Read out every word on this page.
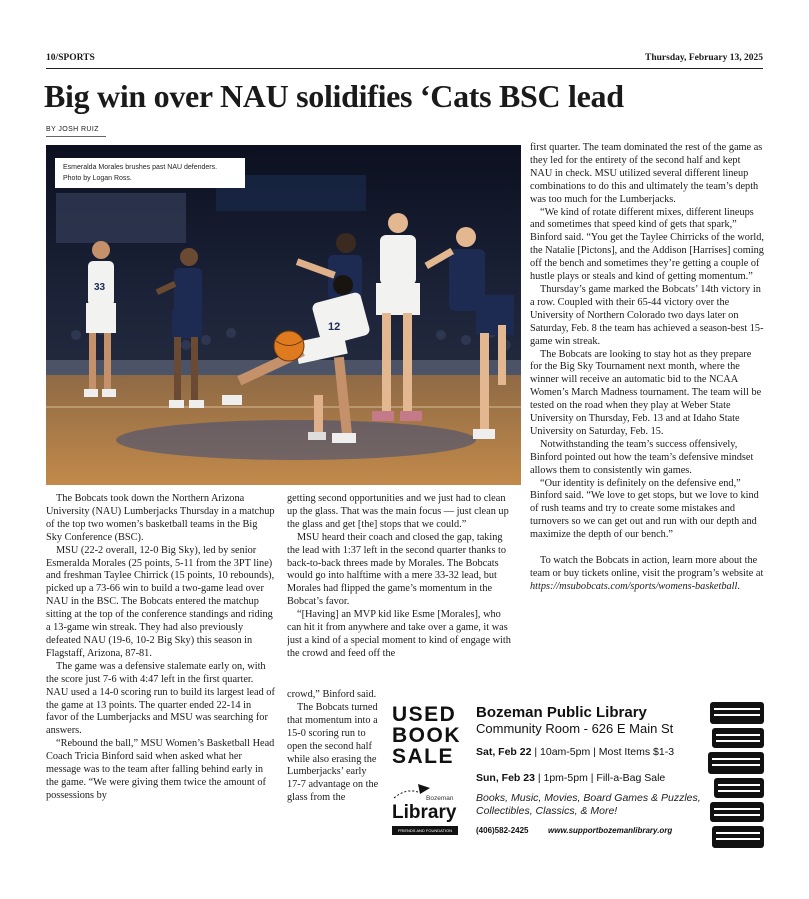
10/SPORTS	Thursday, February 13, 2025
Big win over NAU solidifies ‘Cats BSC lead
BY JOSH RUIZ
33
12
Esmeralda Morales brushes past NAU defenders. Photo by Logan Ross.

The Bobcats took down the Northern Arizona University (NAU) Lumberjacks Thursday in a matchup of the top two women’s basketball teams in the Big Sky Conference (BSC).

MSU (22-2 overall, 12-0 Big Sky), led by senior Esmeralda Morales (25 points, 5-11 from the 3PT line) and freshman Taylee Chirrick (15 points, 10 rebounds), picked up a 73-66 win to build a two-game lead over NAU in the BSC. The Bobcats entered the matchup sitting at the top of the conference standings and riding a 13-game win streak. They had also previously defeated NAU (19-6, 10-2 Big Sky) this season in Flagstaff, Arizona, 87-81.

The game was a defensive stalemate early on, with the score just 7-6 with 4:47 left in the first quarter. NAU used a 14-0 scoring run to build its largest lead of the game at 13 points. The quarter ended 22-14 in favor of the Lumberjacks and MSU was searching for answers.

“Rebound the ball,” MSU Women’s Basketball Head Coach Tricia Binford said when asked what her message was to the team after falling behind early in the game. “We were giving them twice the amount of possessions by

getting second opportunities and we just had to clean up the glass. That was the main focus — just clean up the glass and get [the] stops that we could.”

MSU heard their coach and closed the gap, taking the lead with 1:37 left in the second quarter thanks to back-to-back threes made by Morales. The Bobcats would go into halftime with a mere 33-32 lead, but Morales had flipped the game’s momentum in the Bobcat’s favor.

“[Having] an MVP kid like Esme [Morales], who can hit it from anywhere and take over a game, it was just a kind of a special moment to kind of engage with the crowd and feed off the

crowd,” Binford said.

The Bobcats turned that momentum into a 15-0 scoring run to open the second half while also erasing the Lumberjacks’ early 17-7 advantage on the glass from the

first quarter. The team dominated the rest of the game as they led for the entirety of the second half and kept NAU in check. MSU utilized several different lineup combinations to do this and ultimately the team’s depth was too much for the Lumberjacks.

“We kind of rotate different mixes, different lineups and sometimes that speed kind of gets that spark,” Binford said. “You get the Taylee Chirricks of the world, the Natalie [Pictons], and the Addison [Harrises] coming off the bench and sometimes they’re getting a couple of hustle plays or steals and kind of getting momentum.”

Thursday’s game marked the Bobcats’ 14th victory in a row. Coupled with their 65-44 victory over the University of Northern Colorado two days later on Saturday, Feb. 8 the team has achieved a season-best 15-game win streak.

The Bobcats are looking to stay hot as they prepare for the Big Sky Tournament next month, where the winner will receive an automatic bid to the NCAA Women’s March Madness tournament. The team will be tested on the road when they play at Weber State University on Thursday, Feb. 13 and at Idaho State University on Saturday, Feb. 15.

Notwithstanding the team’s success offensively, Binford pointed out how the team’s defensive mindset allows them to consistently win games.

“Our identity is definitely on the defensive end,” Binford said. “We love to get stops, but we love to kind of rush teams and try to create some mistakes and turnovers so we can get out and run with our depth and maximize the depth of our bench.”

To watch the Bobcats in action, learn more about the team or buy tickets online, visit the program’s website at https://msubobcats.com/sports/womens-basketball.

USED
BOOK
SALE
Bozeman
Library
FRIENDS AND FOUNDATION
Bozeman Public Library
Community Room - 626 E Main St
Sat, Feb 22 | 10am-5pm | Most Items $1-3
Sun, Feb 23 | 1pm-5pm | Fill-a-Bag Sale
Books, Music, Movies, Board Games & Puzzles, Collectibles, Classics, & More!
(406)582-2425 www.supportbozemanlibrary.org
